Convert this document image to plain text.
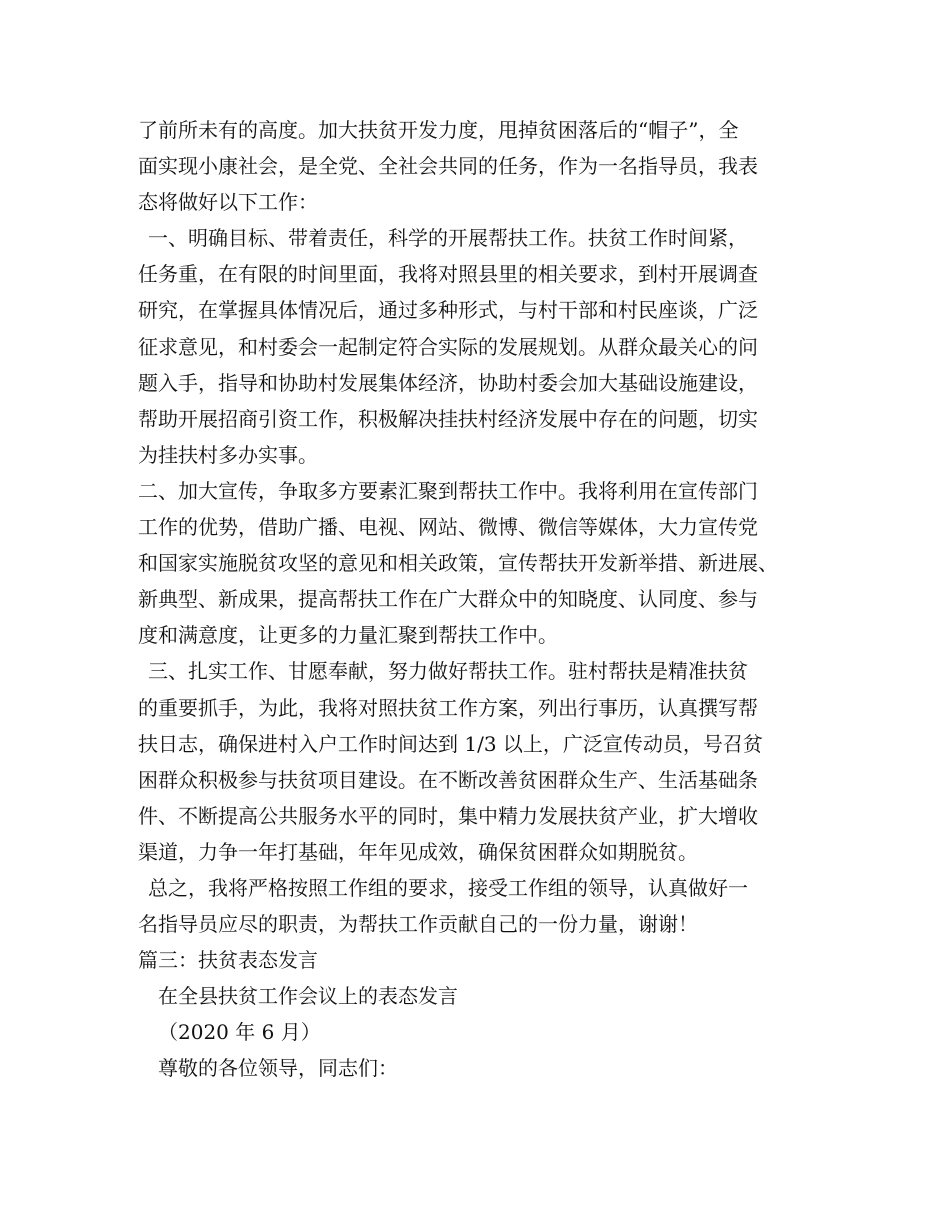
了前所未有的高度。加大扶贫开发力度，甩掉贫困落后的“帽子”，全
面实现小康社会，是全党、全社会共同的任务，作为一名指导员，我表
态将做好以下工作：
一、明确目标、带着责任，科学的开展帮扶工作。扶贫工作时间紧，
任务重，在有限的时间里面，我将对照县里的相关要求，到村开展调查
研究，在掌握具体情况后，通过多种形式，与村干部和村民座谈，广泛
征求意见，和村委会一起制定符合实际的发展规划。从群众最关心的问
题入手，指导和协助村发展集体经济，协助村委会加大基础设施建设，
帮助开展招商引资工作，积极解决挂扶村经济发展中存在的问题，切实
为挂扶村多办实事。
二、加大宣传，争取多方要素汇聚到帮扶工作中。我将利用在宣传部门
工作的优势，借助广播、电视、网站、微博、微信等媒体，大力宣传党
和国家实施脱贫攻坚的意见和相关政策，宣传帮扶开发新举措、新进展、
新典型、新成果，提高帮扶工作在广大群众中的知晓度、认同度、参与
度和满意度，让更多的力量汇聚到帮扶工作中。
三、扎实工作、甘愿奉献，努力做好帮扶工作。驻村帮扶是精准扶贫
的重要抓手，为此，我将对照扶贫工作方案，列出行事历，认真撰写帮
扶日志，确保进村入户工作时间达到 1/3 以上，广泛宣传动员，号召贫
困群众积极参与扶贫项目建设。在不断改善贫困群众生产、生活基础条
件、不断提高公共服务水平的同时，集中精力发展扶贫产业，扩大增收
渠道，力争一年打基础，年年见成效，确保贫困群众如期脱贫。
总之，我将严格按照工作组的要求，接受工作组的领导，认真做好一
名指导员应尽的职责，为帮扶工作贡献自己的一份力量，谢谢！
篇三：扶贫表态发言
在全县扶贫工作会议上的表态发言
（2020 年 6 月）
尊敬的各位领导，同志们：
